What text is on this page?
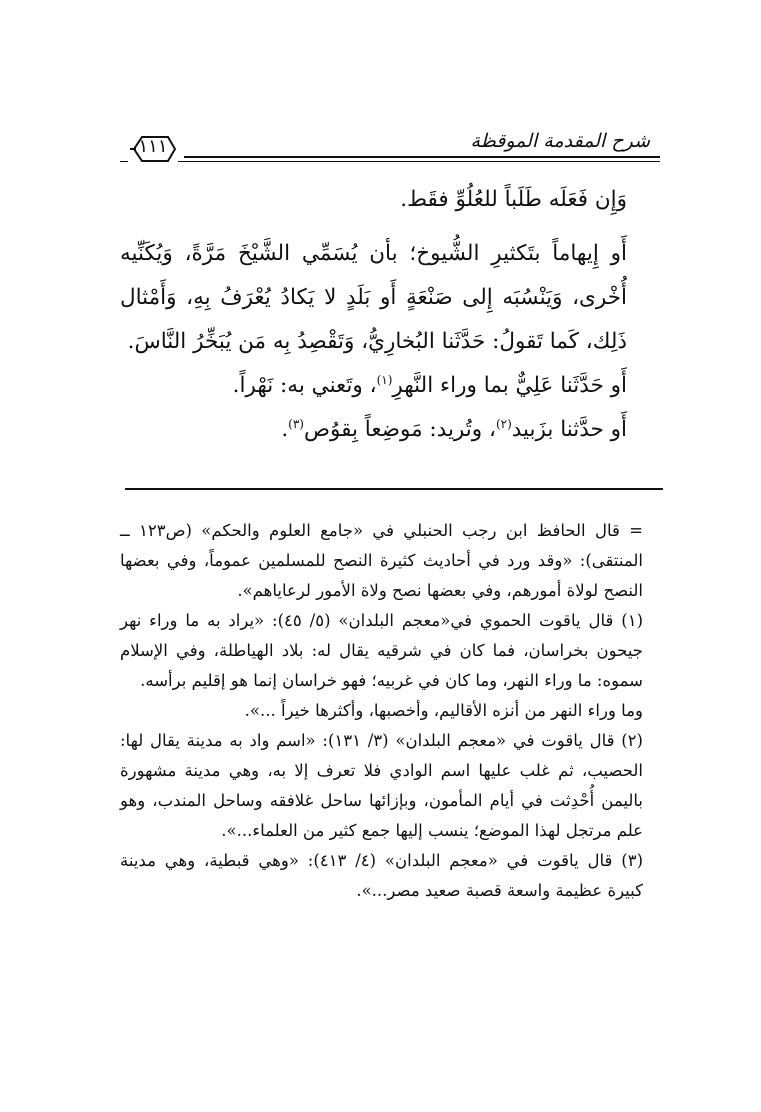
شرح المقدمة الموقظة
١١١

وَإِن فَعَلَه طَلَباً للعُلُوِّ فقَط.

أَو إِيهاماً بتَكثيرِ الشُّيوخ؛ بأن يُسَمِّي الشَّيْخَ مَرَّةً، وَيُكَنِّيه أُخْرى، وَيَنْسُبَه إِلى صَنْعَةٍ أَو بَلَدٍ لا يَكادُ يُعْرَفُ بِهِ، وَأَمْثال ذَلِك، كَما تَقولُ: حَدَّثَنا البُخارِيُّ، وَتَقْصِدُ بِه مَن يُبَخِّرُ النَّاسَ.

أَو حَدَّثَنا عَلِيٌّ بما وراء النَّهرِ$^{(١)}$، وتَعني به: نَهْراً.

أَو حدَّثنا بزَبيد$^{(٢)}$، وتُريد: مَوضِعاً بِقوُص$^{(٣)}$.

= قال الحافظ ابن رجب الحنبلي في «جامع العلوم والحكم» (ص١٢٣ ــ المنتقى): «وقد ورد في أحاديث كثيرة النصح للمسلمين عموماً، وفي بعضها النصح لولاة أمورهم، وفي بعضها نصح ولاة الأمور لرعاياهم».

(١) قال ياقوت الحموي في«معجم البلدان» (٥/ ٤٥): «يراد به ما وراء نهر جيحون بخراسان، فما كان في شرقيه يقال له: بلاد الهياطلة، وفي الإسلام سموه: ما وراء النهر، وما كان في غربيه؛ فهو خراسان إنما هو إقليم برأسه.

وما وراء النهر من أنزه الأقاليم، وأخصبها، وأكثرها خيراً ...».

(٢) قال ياقوت في «معجم البلدان» (٣/ ١٣١): «اسم واد به مدينة يقال لها: الحصيب، ثم غلب عليها اسم الوادي فلا تعرف إلا به، وهي مدينة مشهورة باليمن أُحْدِثت في أيام المأمون، وبإزائها ساحل غلافقه وساحل المندب، وهو علم مرتجل لهذا الموضع؛ ينسب إليها جمع كثير من العلماء...».

(٣) قال ياقوت في «معجم البلدان» (٤/ ٤١٣): «وهي قبطية، وهي مدينة كبيرة عظيمة واسعة قصبة صعيد مصر...».
